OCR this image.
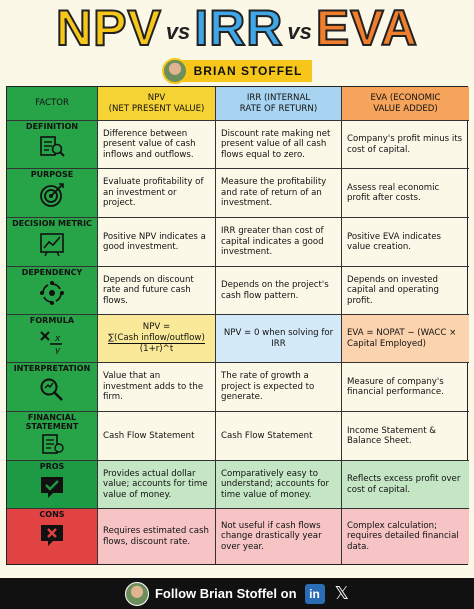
NPV vs IRR vs EVA
BRIAN STOFFEL
FACTOR
NPV
(NET PRESENT VALUE)
IRR (INTERNAL
RATE OF RETURN)
EVA (ECONOMIC
VALUE ADDED)
DEFINITION
Difference between present value of cash inflows and outflows.
Discount rate making net present value of all cash flows equal to zero.
Company's profit minus its cost of capital.
PURPOSE
Evaluate profitability of an investment or project.
Measure the profitability and rate of return of an investment.
Assess real economic profit after costs.
DECISION METRIC
Positive NPV indicates a good investment.
IRR greater than cost of capital indicates a good investment.
Positive EVA indicates value creation.
DEPENDENCY
Depends on discount rate and future cash flows.
Depends on the project's cash flow pattern.
Depends on invested capital and operating profit.
FORMULA
x
y
NPV =
∑(Cash inflow/outflow)
(1+r)^t
NPV = 0 when solving for IRR
EVA = NOPAT − (WACC × Capital Employed)
INTERPRETATION
Value that an investment adds to the firm.
The rate of growth a project is expected to generate.
Measure of company's financial performance.
FINANCIAL STATEMENT
Cash Flow Statement	Cash Flow Statement
Income Statement & Balance Sheet.
PROS
Provides actual dollar value; accounts for time value of money.
Comparatively easy to understand; accounts for time value of money.
Reflects excess profit over cost of capital.
CONS
Requires estimated cash flows, discount rate.
Not useful if cash flows change drastically year over year.
Complex calculation; requires detailed financial data.
Follow Brian Stoffel on	in 𝕏
